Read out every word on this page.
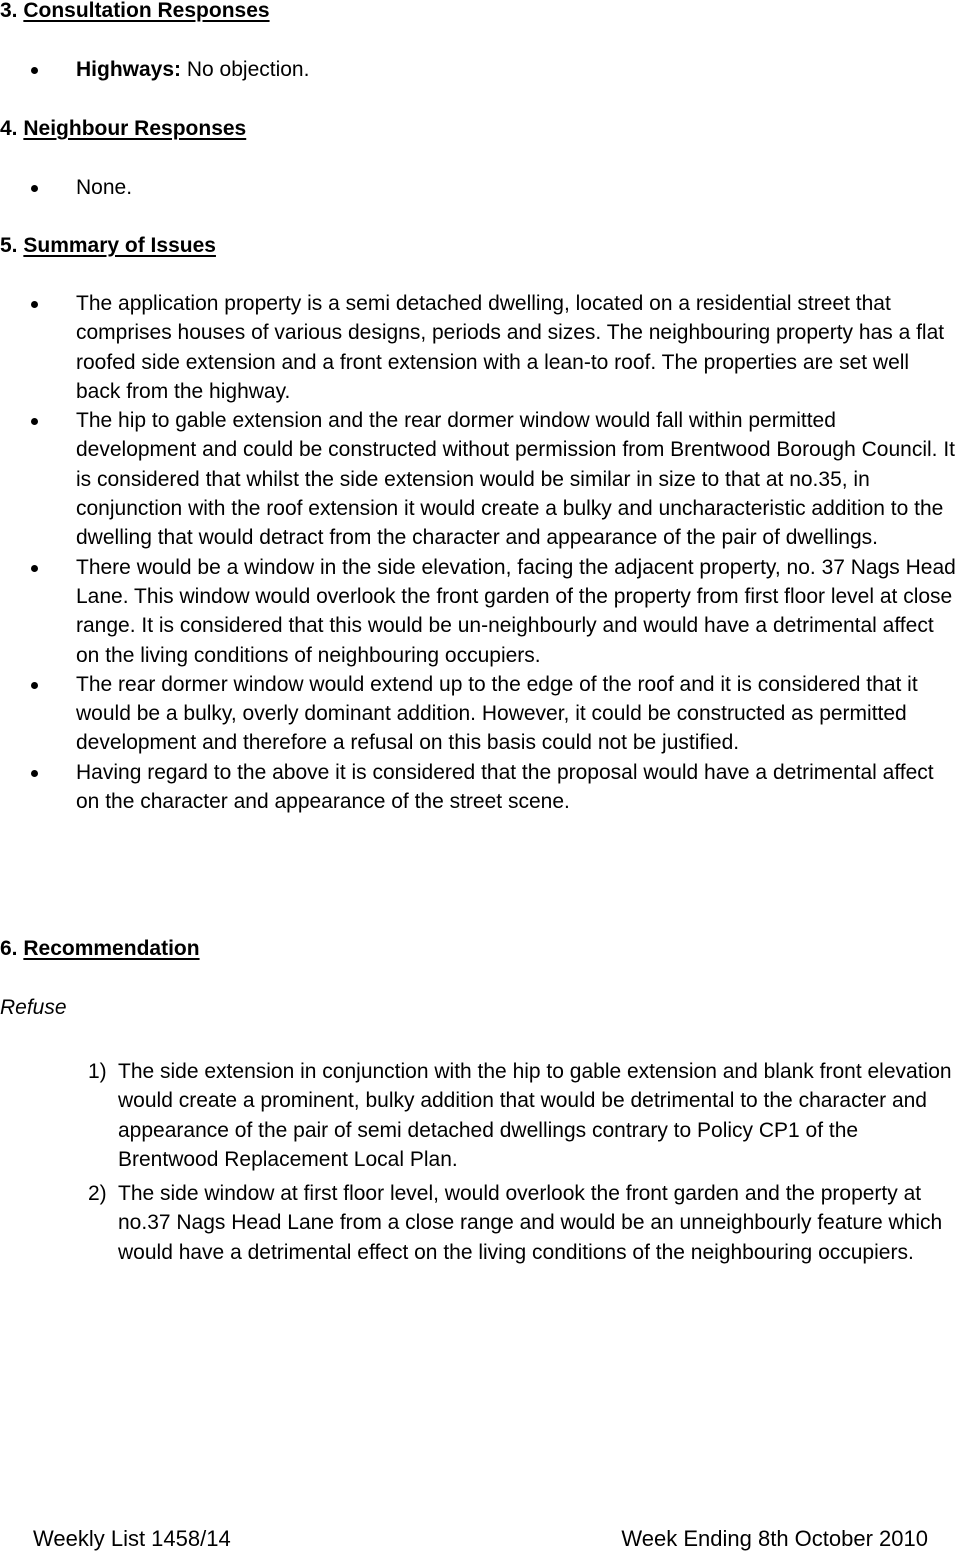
3. Consultation Responses
Highways: No objection.
4. Neighbour Responses
None.
5. Summary of Issues
The application property is a semi detached dwelling, located on a residential street that comprises houses of various designs, periods and sizes. The neighbouring property has a flat roofed side extension and a front extension with a lean-to roof. The properties are set well back from the highway.
The hip to gable extension and the rear dormer window would fall within permitted development and could be constructed without permission from Brentwood Borough Council. It is considered that whilst the side extension would be similar in size to that at no.35, in conjunction with the roof extension it would create a bulky and uncharacteristic addition to the dwelling that would detract from the character and appearance of the pair of dwellings.
There would be a window in the side elevation, facing the adjacent property, no. 37 Nags Head Lane. This window would overlook the front garden of the property from first floor level at close range. It is considered that this would be un-neighbourly and would have a detrimental affect on the living conditions of neighbouring occupiers.
The rear dormer window would extend up to the edge of the roof and it is considered that it would be a bulky, overly dominant addition. However, it could be constructed as permitted development and therefore a refusal on this basis could not be justified.
Having regard to the above it is considered that the proposal would have a detrimental affect on the character and appearance of the street scene.
6. Recommendation
Refuse
1) The side extension in conjunction with the hip to gable extension and blank front elevation would create a prominent, bulky addition that would be detrimental to the character and appearance of the pair of semi detached dwellings contrary to Policy CP1 of the Brentwood Replacement Local Plan.
2) The side window at first floor level, would overlook the front garden and the property at no.37 Nags Head Lane from a close range and would be an unneighbourly feature which would have a detrimental effect on the living conditions of the neighbouring occupiers.
Weekly List 1458/14	Week Ending 8th October 2010
